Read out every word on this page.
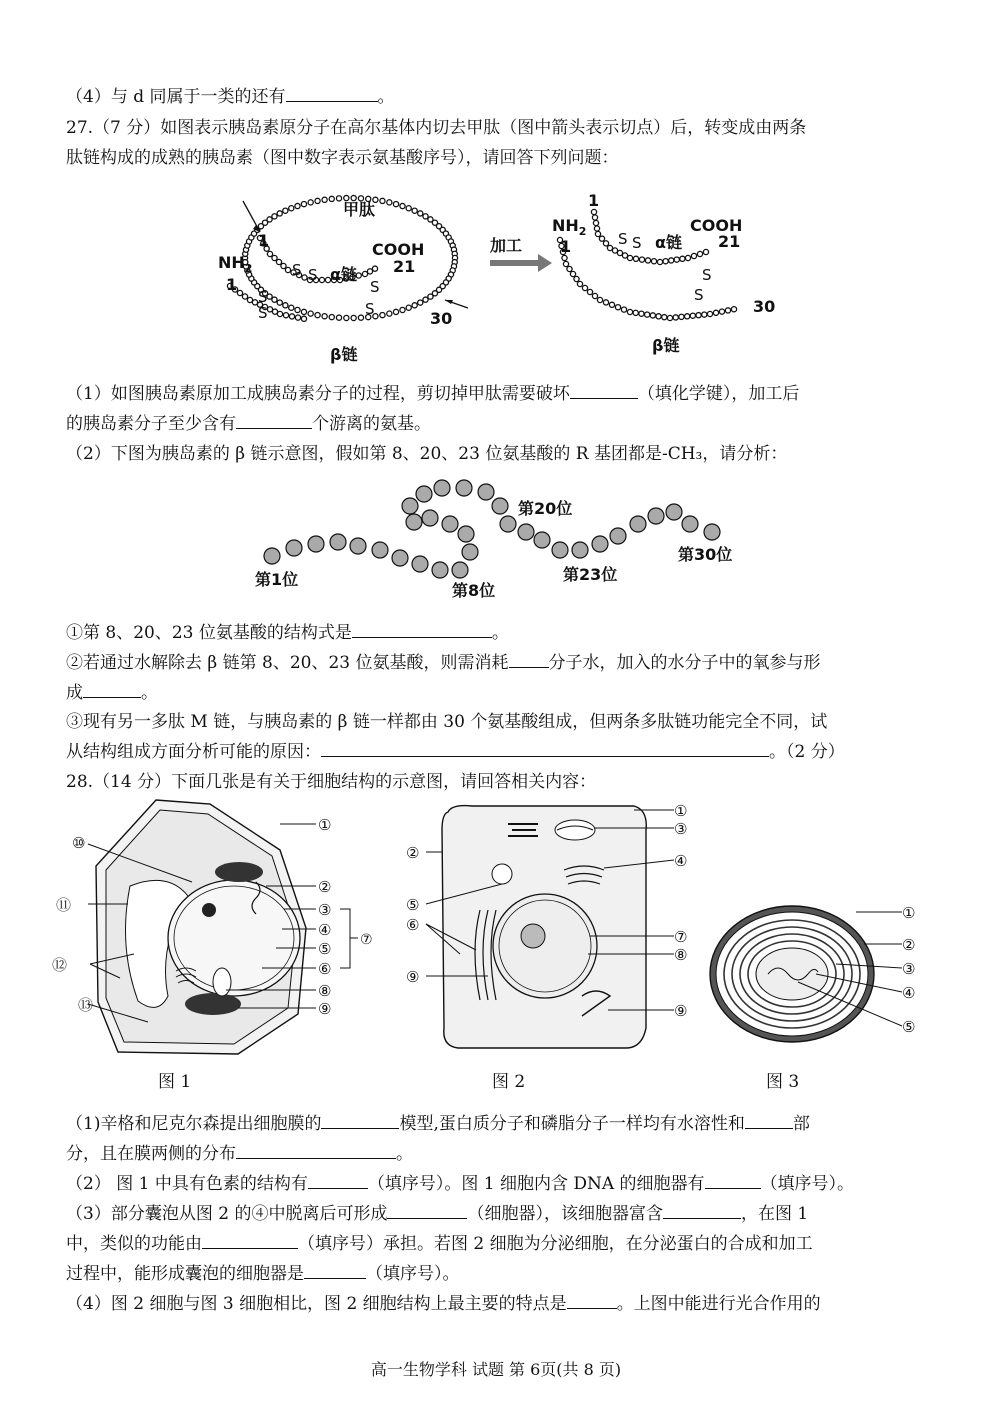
（4）与 d 同属于一类的还有	。
27.（7 分）如图表示胰岛素原分子在高尔基体内切去甲肽（图中箭头表示切点）后，转变成由两条
肽链构成的成熟的胰岛素（图中数字表示氨基酸序号），请回答下列问题：
甲肽
$NH_2$
1
1	COOH
21
α链
30
β链
S S
S
S
S
S
加工
$NH_2$
1
1
COOH
21
α链
30
β链
S S
S
S
（1）如图胰岛素原加工成胰岛素分子的过程，剪切掉甲肽需要破坏	（填化学键），加工后
的胰岛素分子至少含有	个游离的氨基。
（2）下图为胰岛素的 β 链示意图，假如第 8、20、23 位氨基酸的 R 基团都是-CH₃，请分析：
第1位
第8位
第20位
第23位
第30位
①第 8、20、23 位氨基酸的结构式是	。
②若通过水解除去 β 链第 8、20、23 位氨基酸，则需消耗 分子水，加入的水分子中的氧参与形
成	。
③现有另一多肽 M 链，与胰岛素的 β 链一样都由 30 个氨基酸组成，但两条多肽链功能完全不同，试
从结构组成方面分析可能的原因：	。（2 分）
28.（14 分）下面几张是有关于细胞结构的示意图，请回答相关内容：
①
②
③
④
⑤
⑥
⑦
⑧
⑨
⑩
⑪
⑫
⑬
①
③
④
②
⑤
⑥
⑦
⑧
⑨
⑨
①
②
③
④
⑤
图 1	图 2	图 3
（1)辛格和尼克尔森提出细胞膜的	模型,蛋白质分子和磷脂分子一样均有水溶性和	部
分，且在膜两侧的分布	。
（2） 图 1 中具有色素的结构有	（填序号）。图 1 细胞内含 DNA 的细胞器有	（填序号）。
（3）部分囊泡从图 2 的④中脱离后可形成	（细胞器），该细胞器富含	，在图 1
中，类似的功能由	（填序号）承担。若图 2 细胞为分泌细胞，在分泌蛋白的合成和加工
过程中，能形成囊泡的细胞器是	（填序号）。
（4）图 2 细胞与图 3 细胞相比，图 2 细胞结构上最主要的特点是	。上图中能进行光合作用的
高一生物学科 试题 第 6页(共 8 页)
